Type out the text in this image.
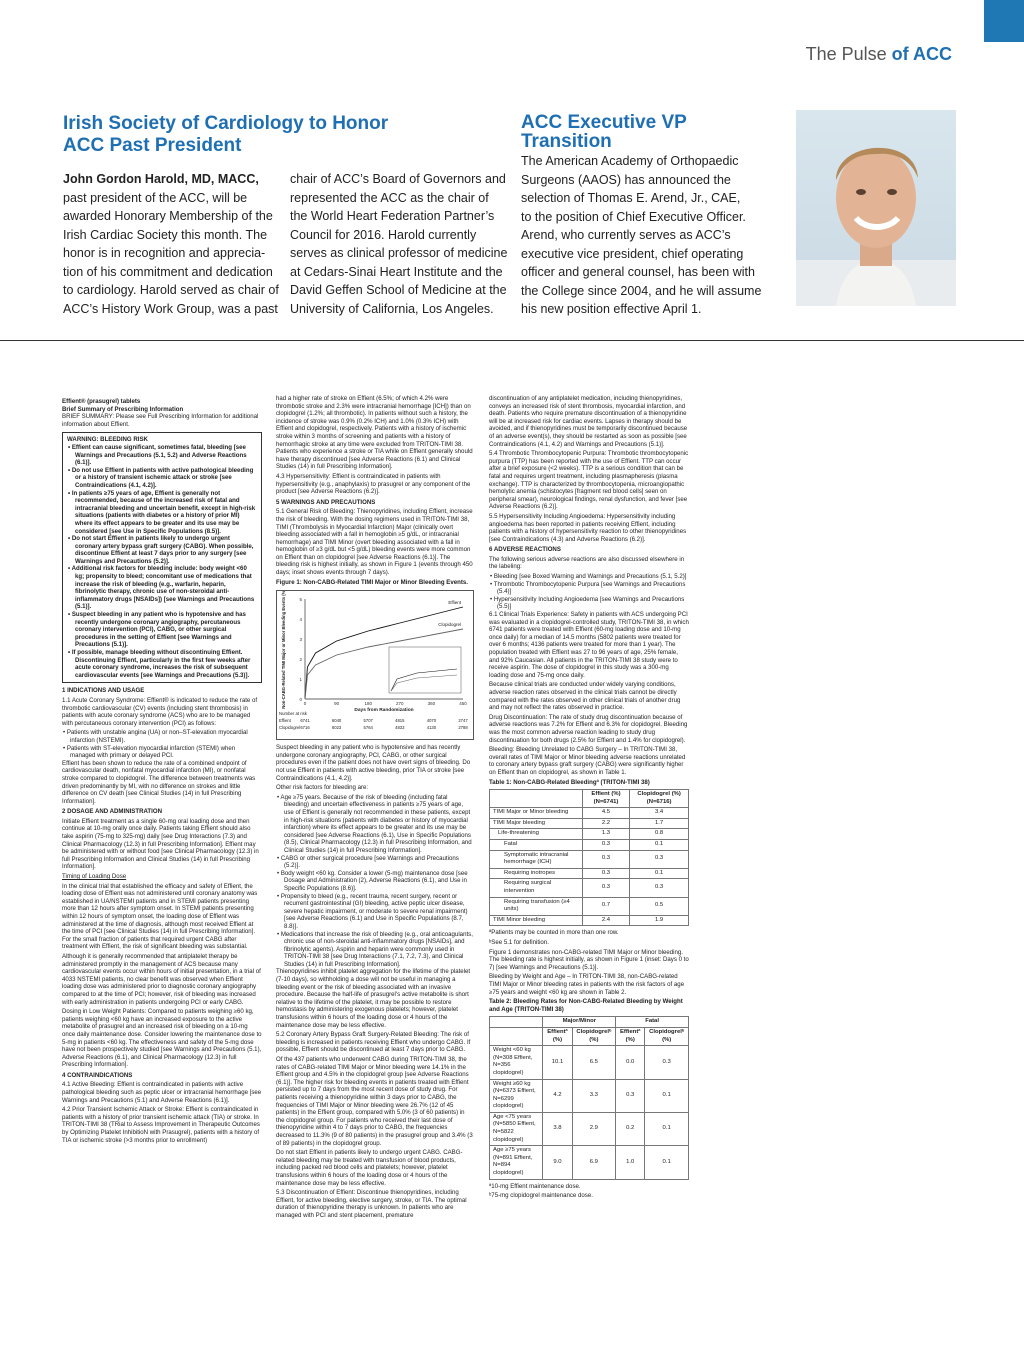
The Pulse of ACC
Irish Society of Cardiology to Honor
ACC Past President
John Gordon Harold, MD, MACC,
past president of the ACC, will be
awarded Honorary Membership of the
Irish Cardiac Society this month. The
honor is in recognition and apprecia-
tion of his commitment and dedication
to cardiology. Harold served as chair of
ACC’s History Work Group, was a past
chair of ACC’s Board of Governors and
represented the ACC as the chair of
the World Heart Federation Partner’s
Council for 2016. Harold currently
serves as clinical professor of medicine
at Cedars-Sinai Heart Institute and the
David Geffen School of Medicine at the
University of California, Los Angeles.
ACC Executive VP
Transition
The American Academy of Orthopaedic
Surgeons (AAOS) has announced the
selection of Thomas E. Arend, Jr., CAE,
to the position of Chief Executive Officer.
Arend, who currently serves as ACC’s
executive vice president, chief operating
officer and general counsel, has been with
the College since 2004, and he will assume
his new position effective April 1.

Effient® (prasugrel) tablets
Brief Summary of Prescribing Information
BRIEF SUMMARY: Please see Full Prescribing Information for additional information about Effient.

WARNING: BLEEDING RISK
• Effient can cause significant, sometimes fatal, bleeding [see Warnings and Precautions (5.1, 5.2) and Adverse Reactions (6.1)].
• Do not use Effient in patients with active pathological bleeding or a history of transient ischemic attack or stroke [see Contraindications (4.1, 4.2)].
• In patients ≥75 years of age, Effient is generally not recommended, because of the increased risk of fatal and intracranial bleeding and uncertain benefit, except in high-risk situations (patients with diabetes or a history of prior MI) where its effect appears to be greater and its use may be considered [see Use in Specific Populations (8.5)].
• Do not start Effient in patients likely to undergo urgent coronary artery bypass graft surgery (CABG). When possible, discontinue Effient at least 7 days prior to any surgery [see Warnings and Precautions (5.2)].
• Additional risk factors for bleeding include: body weight <60 kg; propensity to bleed; concomitant use of medications that increase the risk of bleeding (e.g., warfarin, heparin, fibrinolytic therapy, chronic use of non-steroidal anti-inflammatory drugs [NSAIDs]) [see Warnings and Precautions (5.1)].
• Suspect bleeding in any patient who is hypotensive and has recently undergone coronary angiography, percutaneous coronary intervention (PCI), CABG, or other surgical procedures in the setting of Effient [see Warnings and Precautions (5.1)].
• If possible, manage bleeding without discontinuing Effient. Discontinuing Effient, particularly in the first few weeks after acute coronary syndrome, increases the risk of subsequent cardiovascular events [see Warnings and Precautions (5.3)].

1 INDICATIONS AND USAGE

1.1 Acute Coronary Syndrome: Effient® is indicated to reduce the rate of thrombotic cardiovascular (CV) events (including stent thrombosis) in patients with acute coronary syndrome (ACS) who are to be managed with percutaneous coronary intervention (PCI) as follows:

• Patients with unstable angina (UA) or non–ST-elevation myocardial infarction (NSTEMI).
• Patients with ST-elevation myocardial infarction (STEMI) when managed with primary or delayed PCI.

Effient has been shown to reduce the rate of a combined endpoint of cardiovascular death, nonfatal myocardial infarction (MI), or nonfatal stroke compared to clopidogrel. The difference between treatments was driven predominantly by MI, with no difference on strokes and little difference on CV death [see Clinical Studies (14) in full Prescribing Information].

2 DOSAGE AND ADMINISTRATION

Initiate Effient treatment as a single 60-mg oral loading dose and then continue at 10-mg orally once daily. Patients taking Effient should also take aspirin (75-mg to 325-mg) daily [see Drug Interactions (7.3) and Clinical Pharmacology (12.3) in full Prescribing Information]. Effient may be administered with or without food [see Clinical Pharmacology (12.3) in full Prescribing Information and Clinical Studies (14) in full Prescribing Information].

Timing of Loading Dose

In the clinical trial that established the efficacy and safety of Effient, the loading dose of Effient was not administered until coronary anatomy was established in UA/NSTEMI patients and in STEMI patients presenting more than 12 hours after symptom onset. In STEMI patients presenting within 12 hours of symptom onset, the loading dose of Effient was administered at the time of diagnosis, although most received Effient at the time of PCI [see Clinical Studies (14) in full Prescribing Information]. For the small fraction of patients that required urgent CABG after treatment with Effient, the risk of significant bleeding was substantial.

Although it is generally recommended that antiplatelet therapy be administered promptly in the management of ACS because many cardiovascular events occur within hours of initial presentation, in a trial of 4033 NSTEMI patients, no clear benefit was observed when Effient loading dose was administered prior to diagnostic coronary angiography compared to at the time of PCI; however, risk of bleeding was increased with early administration in patients undergoing PCI or early CABG.

Dosing in Low Weight Patients: Compared to patients weighing ≥60 kg, patients weighing <60 kg have an increased exposure to the active metabolite of prasugrel and an increased risk of bleeding on a 10-mg once daily maintenance dose. Consider lowering the maintenance dose to 5-mg in patients <60 kg. The effectiveness and safety of the 5-mg dose have not been prospectively studied [see Warnings and Precautions (5.1), Adverse Reactions (6.1), and Clinical Pharmacology (12.3) in full Prescribing Information].

4 CONTRAINDICATIONS

4.1 Active Bleeding: Effient is contraindicated in patients with active pathological bleeding such as peptic ulcer or intracranial hemorrhage [see Warnings and Precautions (5.1) and Adverse Reactions (6.1)].

4.2 Prior Transient Ischemic Attack or Stroke: Effient is contraindicated in patients with a history of prior transient ischemic attack (TIA) or stroke. In TRITON-TIMI 38 (TRial to Assess Improvement in Therapeutic Outcomes by Optimizing Platelet InhibitioN with Prasugrel), patients with a history of TIA or ischemic stroke (>3 months prior to enrollment)

had a higher rate of stroke on Effient (6.5%; of which 4.2% were thrombotic stroke and 2.3% were intracranial hemorrhage [ICH]) than on clopidogrel (1.2%; all thrombotic). In patients without such a history, the incidence of stroke was 0.9% (0.2% ICH) and 1.0% (0.3% ICH) with Effient and clopidogrel, respectively. Patients with a history of ischemic stroke within 3 months of screening and patients with a history of hemorrhagic stroke at any time were excluded from TRITON-TIMI 38. Patients who experience a stroke or TIA while on Effient generally should have therapy discontinued [see Adverse Reactions (6.1) and Clinical Studies (14) in full Prescribing Information].

4.3 Hypersensitivity: Effient is contraindicated in patients with hypersensitivity (e.g., anaphylaxis) to prasugrel or any component of the product [see Adverse Reactions (6.2)].

5 WARNINGS AND PRECAUTIONS

5.1 General Risk of Bleeding: Thienopyridines, including Effient, increase the risk of bleeding. With the dosing regimens used in TRITON-TIMI 38, TIMI (Thrombolysis in Myocardial Infarction) Major (clinically overt bleeding associated with a fall in hemoglobin ≥5 g/dL, or intracranial hemorrhage) and TIMI Minor (overt bleeding associated with a fall in hemoglobin of ≥3 g/dL but <5 g/dL) bleeding events were more common on Effient than on clopidogrel [see Adverse Reactions (6.1)]. The bleeding risk is highest initially, as shown in Figure 1 (events through 450 days; inset shows events through 7 days).

Figure 1: Non-CABG-Related TIMI Major or Minor Bleeding Events.

0
1
2
3
4
5
0	90	180	270	360	450
Days from Randomization
Non-CABG-Related TIMI Major or Minor Bleeding Events (%)	Effient
Clopidogrel
Number at risk
Effient 6741	6040	5707	4815	4070	2747
Clopidogrel 6716	6023	5764	4833	4130	2788

Suspect bleeding in any patient who is hypotensive and has recently undergone coronary angiography, PCI, CABG, or other surgical procedures even if the patient does not have overt signs of bleeding. Do not use Effient in patients with active bleeding, prior TIA or stroke [see Contraindications (4.1, 4.2)].

Other risk factors for bleeding are:

• Age ≥75 years. Because of the risk of bleeding (including fatal bleeding) and uncertain effectiveness in patients ≥75 years of age, use of Effient is generally not recommended in these patients, except in high-risk situations (patients with diabetes or history of myocardial infarction) where its effect appears to be greater and its use may be considered [see Adverse Reactions (6.1), Use in Specific Populations (8.5), Clinical Pharmacology (12.3) in full Prescribing Information, and Clinical Studies (14) in full Prescribing Information].
• CABG or other surgical procedure [see Warnings and Precautions (5.2)].
• Body weight <60 kg. Consider a lower (5-mg) maintenance dose [see Dosage and Administration (2), Adverse Reactions (6.1), and Use in Specific Populations (8.6)].
• Propensity to bleed (e.g., recent trauma, recent surgery, recent or recurrent gastrointestinal (GI) bleeding, active peptic ulcer disease, severe hepatic impairment, or moderate to severe renal impairment) [see Adverse Reactions (6.1) and Use in Specific Populations (8.7, 8.8)].
• Medications that increase the risk of bleeding (e.g., oral anticoagulants, chronic use of non-steroidal anti-inflammatory drugs [NSAIDs], and fibrinolytic agents). Aspirin and heparin were commonly used in TRITON-TIMI 38 [see Drug Interactions (7.1, 7.2, 7.3), and Clinical Studies (14) in full Prescribing Information].

Thienopyridines inhibit platelet aggregation for the lifetime of the platelet (7-10 days), so withholding a dose will not be useful in managing a bleeding event or the risk of bleeding associated with an invasive procedure. Because the half-life of prasugrel's active metabolite is short relative to the lifetime of the platelet, it may be possible to restore hemostasis by administering exogenous platelets; however, platelet transfusions within 6 hours of the loading dose or 4 hours of the maintenance dose may be less effective.

5.2 Coronary Artery Bypass Graft Surgery-Related Bleeding: The risk of bleeding is increased in patients receiving Effient who undergo CABG. If possible, Effient should be discontinued at least 7 days prior to CABG.

Of the 437 patients who underwent CABG during TRITON-TIMI 38, the rates of CABG-related TIMI Major or Minor bleeding were 14.1% in the Effient group and 4.5% in the clopidogrel group [see Adverse Reactions (6.1)]. The higher risk for bleeding events in patients treated with Effient persisted up to 7 days from the most recent dose of study drug. For patients receiving a thienopyridine within 3 days prior to CABG, the frequencies of TIMI Major or Minor bleeding were 26.7% (12 of 45 patients) in the Effient group, compared with 5.0% (3 of 60 patients) in the clopidogrel group. For patients who received their last dose of thienopyridine within 4 to 7 days prior to CABG, the frequencies decreased to 11.3% (9 of 80 patients) in the prasugrel group and 3.4% (3 of 89 patients) in the clopidogrel group.

Do not start Effient in patients likely to undergo urgent CABG. CABG-related bleeding may be treated with transfusion of blood products, including packed red blood cells and platelets; however, platelet transfusions within 6 hours of the loading dose or 4 hours of the maintenance dose may be less effective.

5.3 Discontinuation of Effient: Discontinue thienopyridines, including Effient, for active bleeding, elective surgery, stroke, or TIA. The optimal duration of thienopyridine therapy is unknown. In patients who are managed with PCI and stent placement, premature

discontinuation of any antiplatelet medication, including thienopyridines, conveys an increased risk of stent thrombosis, myocardial infarction, and death. Patients who require premature discontinuation of a thienopyridine will be at increased risk for cardiac events. Lapses in therapy should be avoided, and if thienopyridines must be temporarily discontinued because of an adverse event(s), they should be restarted as soon as possible [see Contraindications (4.1, 4.2) and Warnings and Precautions (5.1)].

5.4 Thrombotic Thrombocytopenic Purpura: Thrombotic thrombocytopenic purpura (TTP) has been reported with the use of Effient. TTP can occur after a brief exposure (<2 weeks). TTP is a serious condition that can be fatal and requires urgent treatment, including plasmapheresis (plasma exchange). TTP is characterized by thrombocytopenia, microangiopathic hemolytic anemia (schistocytes [fragment red blood cells] seen on peripheral smear), neurological findings, renal dysfunction, and fever [see Adverse Reactions (6.2)].

5.5 Hypersensitivity Including Angioedema: Hypersensitivity including angioedema has been reported in patients receiving Effient, including patients with a history of hypersensitivity reaction to other thienopyridines [see Contraindications (4.3) and Adverse Reactions (6.2)].

6 ADVERSE REACTIONS

The following serious adverse reactions are also discussed elsewhere in the labeling:

• Bleeding [see Boxed Warning and Warnings and Precautions (5.1, 5.2)]
• Thrombotic Thrombocytopenic Purpura [see Warnings and Precautions (5.4)]
• Hypersensitivity Including Angioedema [see Warnings and Precautions (5.5)]

6.1 Clinical Trials Experience: Safety in patients with ACS undergoing PCI was evaluated in a clopidogrel-controlled study, TRITON-TIMI 38, in which 6741 patients were treated with Effient (60-mg loading dose and 10-mg once daily) for a median of 14.5 months (5802 patients were treated for over 6 months; 4136 patients were treated for more than 1 year). The population treated with Effient was 27 to 96 years of age, 25% female, and 92% Caucasian. All patients in the TRITON-TIMI 38 study were to receive aspirin. The dose of clopidogrel in this study was a 300-mg loading dose and 75-mg once daily.

Because clinical trials are conducted under widely varying conditions, adverse reaction rates observed in the clinical trials cannot be directly compared with the rates observed in other clinical trials of another drug and may not reflect the rates observed in practice.

Drug Discontinuation: The rate of study drug discontinuation because of adverse reactions was 7.2% for Effient and 6.3% for clopidogrel. Bleeding was the most common adverse reaction leading to study drug discontinuation for both drugs (2.5% for Effient and 1.4% for clopidogrel).

Bleeding: Bleeding Unrelated to CABG Surgery – In TRITON-TIMI 38, overall rates of TIMI Major or Minor bleeding adverse reactions unrelated to coronary artery bypass graft surgery (CABG) were significantly higher on Effient than on clopidogrel, as shown in Table 1.

Table 1: Non-CABG-Related Bleedingª (TRITON-TIMI 38)

	Effient (%) (N=6741)	Clopidogrel (%) (N=6716)
TIMI Major or Minor bleeding	4.5	3.4
TIMI Major bleeding	2.2	1.7
Life-threatening	1.3	0.8
Fatal	0.3	0.1
Symptomatic intracranial hemorrhage (ICH)	0.3	0.3
Requiring inotropes	0.3	0.1
Requiring surgical intervention	0.3	0.3
Requiring transfusion (≥4 units)	0.7	0.5
TIMI Minor bleeding	2.4	1.9

ªPatients may be counted in more than one row.

ᵇSee 5.1 for definition.

Figure 1 demonstrates non-CABG-related TIMI Major or Minor bleeding. The bleeding rate is highest initially, as shown in Figure 1 (inset: Days 0 to 7) [see Warnings and Precautions (5.1)].

Bleeding by Weight and Age – In TRITON-TIMI 38, non-CABG-related TIMI Major or Minor bleeding rates in patients with the risk factors of age ≥75 years and weight <60 kg are shown in Table 2.

Table 2: Bleeding Rates for Non-CABG-Related Bleeding by Weight and Age (TRITON-TIMI 38)

	Major/Minor		Fatal	
	Effientª (%)	Clopidogrelᵇ (%)	Effientª (%)	Clopidogrelᵇ (%)
Weight <60 kg (N=308 Effient, N=356 clopidogrel)	10.1	6.5	0.0	0.3
Weight ≥60 kg (N=6373 Effient, N=6299 clopidogrel)	4.2	3.3	0.3	0.1
Age <75 years (N=5850 Effient, N=5822 clopidogrel)	3.8	2.9	0.2	0.1
Age ≥75 years (N=891 Effient, N=894 clopidogrel)	9.0	6.9	1.0	0.1

ª10-mg Effient maintenance dose.

ᵇ75-mg clopidogrel maintenance dose.
